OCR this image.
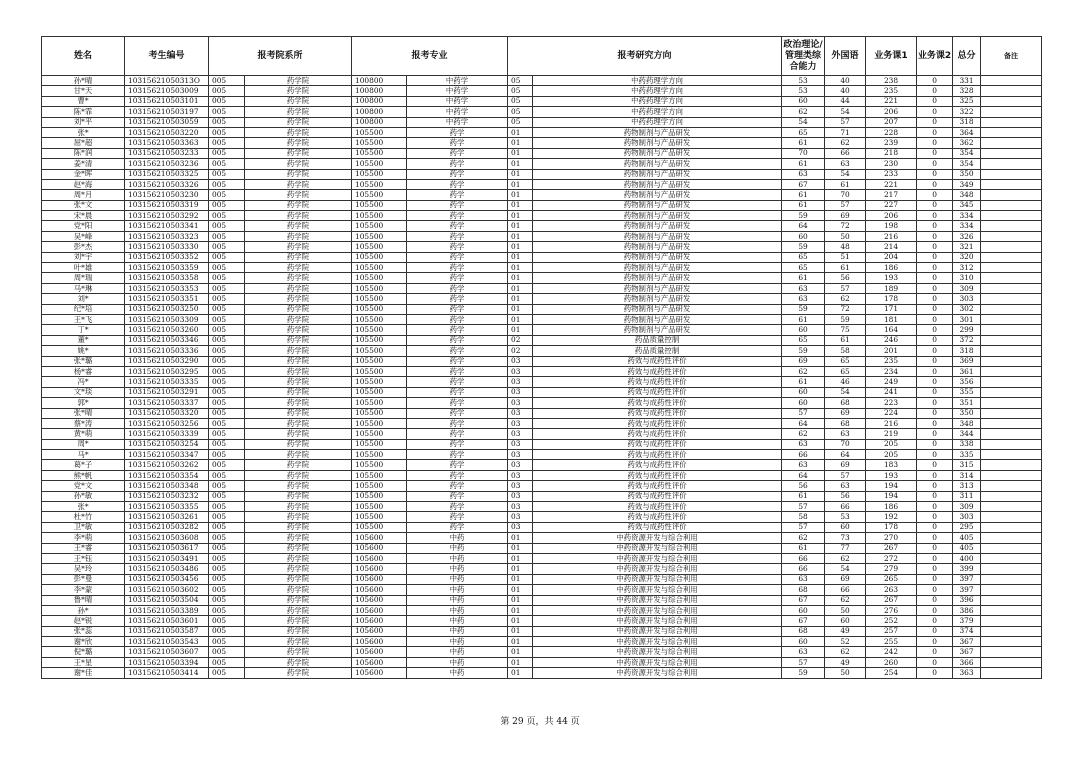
姓名	考生编号	报考院系所		报考专业		报考研究方向		政治理论/管理类综合能力	外国语	业务课1	业务课2	总分	备注
孙*晴	10315621050313O	005	药学院	100800	中药学	05	中药药理学方向	53	40	238	0	331	
甘*天	103156210503009	005	药学院	100800	中药学	05	中药药理学方向	53	40	235	0	328	
曹*	103156210503101	005	药学院	100800	中药学	05	中药药理学方向	60	44	221	0	325	
陈*霏	103156210503197	005	药学院	100800	中药学	05	中药药理学方向	62	54	206	0	322	
刘*平	103156210503059	005	药学院	100800	中药学	05	中药药理学方向	54	57	207	0	318	
张*	103156210503220	005	药学院	105500	药学	01	药物制剂与产品研发	65	71	228	0	364	
屈*超	103156210503363	005	药学院	105500	药学	01	药物制剂与产品研发	61	62	239	0	362	
陈*润	103156210503233	005	药学院	105500	药学	01	药物制剂与产品研发	70	66	218	0	354	
姜*清	103156210503236	005	药学院	105500	药学	01	药物制剂与产品研发	61	63	230	0	354	
金*晖	103156210503325	005	药学院	105500	药学	01	药物制剂与产品研发	63	54	233	0	350	
赵*海	103156210503326	005	药学院	105500	药学	01	药物制剂与产品研发	67	61	221	0	349	
周*月	103156210503230	005	药学院	105500	药学	01	药物制剂与产品研发	61	70	217	0	348	
张*文	103156210503319	005	药学院	105500	药学	01	药物制剂与产品研发	61	57	227	0	345	
宋*晨	103156210503292	005	药学院	105500	药学	01	药物制剂与产品研发	59	69	206	0	334	
党*阳	103156210503341	005	药学院	105500	药学	01	药物制剂与产品研发	64	72	198	0	334	
吴*峰	103156210503323	005	药学院	105500	药学	01	药物制剂与产品研发	60	50	216	0	326	
彭*杰	103156210503330	005	药学院	105500	药学	01	药物制剂与产品研发	59	48	214	0	321	
刘*宇	103156210503352	005	药学院	105500	药学	01	药物制剂与产品研发	65	51	204	0	320	
叶*雄	103156210503359	005	药学院	105500	药学	01	药物制剂与产品研发	65	61	186	0	312	
周*瑞	103156210503358	005	药学院	105500	药学	01	药物制剂与产品研发	61	56	193	0	310	
马*琳	103156210503353	005	药学院	105500	药学	01	药物制剂与产品研发	63	57	189	0	309	
刘*	103156210503351	005	药学院	105500	药学	01	药物制剂与产品研发	63	62	178	0	303	
纪*培	103156210503250	005	药学院	105500	药学	01	药物制剂与产品研发	59	72	171	0	302	
王*飞	103156210503309	005	药学院	105500	药学	01	药物制剂与产品研发	61	59	181	0	301	
丁*	103156210503260	005	药学院	105500	药学	01	药物制剂与产品研发	60	75	164	0	299	
董*	103156210503346	005	药学院	105500	药学	02	药品质量控制	65	61	246	0	372	
姚*	103156210503336	005	药学院	105500	药学	02	药品质量控制	59	58	201	0	318	
张*璐	103156210503290	005	药学院	105500	药学	03	药效与成药性评价	69	65	235	0	369	
杨*睿	103156210503295	005	药学院	105500	药学	03	药效与成药性评价	62	65	234	0	361	
冯*	103156210503335	005	药学院	105500	药学	03	药效与成药性评价	61	46	249	0	356	
文*琰	103156210503291	005	药学院	105500	药学	03	药效与成药性评价	60	54	241	0	355	
郭*	103156210503337	005	药学院	105500	药学	03	药效与成药性评价	60	68	223	0	351	
张*晴	103156210503320	005	药学院	105500	药学	03	药效与成药性评价	57	69	224	0	350	
蔡*涛	103156210503256	005	药学院	105500	药学	03	药效与成药性评价	64	68	216	0	348	
黄*萌	103156210503339	005	药学院	105500	药学	03	药效与成药性评价	62	63	219	0	344	
周*	103156210503254	005	药学院	105500	药学	03	药效与成药性评价	63	70	205	0	338	
马*	103156210503347	005	药学院	105500	药学	03	药效与成药性评价	66	64	205	0	335	
葛*子	103156210503262	005	药学院	105500	药学	03	药效与成药性评价	63	69	183	0	315	
熊*帆	103156210503354	005	药学院	105500	药学	03	药效与成药性评价	64	57	193	0	314	
党*文	103156210503348	005	药学院	105500	药学	03	药效与成药性评价	56	63	194	0	313	
孙*敏	103156210503232	005	药学院	105500	药学	03	药效与成药性评价	61	56	194	0	311	
张*	103156210503355	005	药学院	105500	药学	03	药效与成药性评价	57	66	186	0	309	
杜*竹	103156210503261	005	药学院	105500	药学	03	药效与成药性评价	58	53	192	0	303	
卫*敏	103156210503282	005	药学院	105500	药学	03	药效与成药性评价	57	60	178	0	295	
李*萌	103156210503608	005	药学院	105600	中药	01	中药资源开发与综合利用	62	73	270	0	405	
王*睿	103156210503617	005	药学院	105600	中药	01	中药资源开发与综合利用	61	77	267	0	405	
王*钰	103156210503491	005	药学院	105600	中药	01	中药资源开发与综合利用	66	62	272	0	400	
吴*玲	103156210503486	005	药学院	105600	中药	01	中药资源开发与综合利用	66	54	279	0	399	
彭*曼	103156210503456	005	药学院	105600	中药	01	中药资源开发与综合利用	63	69	265	0	397	
李*蒙	103156210503602	005	药学院	105600	中药	01	中药资源开发与综合利用	68	66	263	0	397	
鲁*晴	103156210503504	005	药学院	105600	中药	01	中药资源开发与综合利用	67	62	267	0	396	
孙*	103156210503389	005	药学院	105600	中药	01	中药资源开发与综合利用	60	50	276	0	386	
赵*锐	103156210503601	005	药学院	105600	中药	01	中药资源开发与综合利用	67	60	252	0	379	
张*蕊	103156210503587	005	药学院	105600	中药	01	中药资源开发与综合利用	68	49	257	0	374	
谢*欣	103156210503543	005	药学院	105600	中药	01	中药资源开发与综合利用	60	52	255	0	367	
倪*璐	103156210503607	005	药学院	105600	中药	01	中药资源开发与综合利用	63	62	242	0	367	
王*星	103156210503394	005	药学院	105600	中药	01	中药资源开发与综合利用	57	49	260	0	366	
谢*佳	103156210503414	005	药学院	105600	中药	01	中药资源开发与综合利用	59	50	254	0	363	
第 29 页，共 44 页
